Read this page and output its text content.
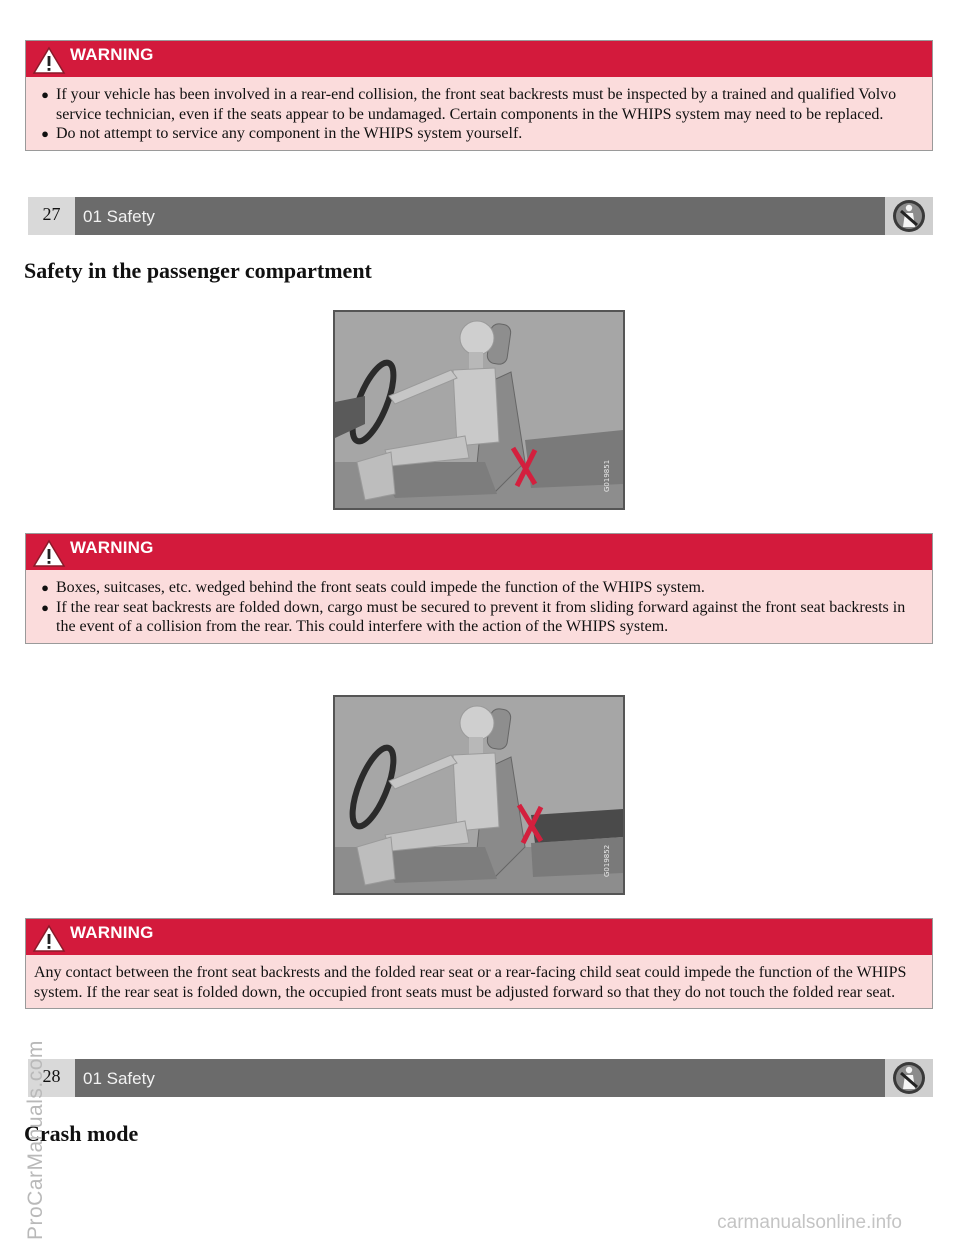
WARNING
● If your vehicle has been involved in a rear-end collision, the front seat backrests must be inspected by a trained and qualified Volvo service technician, even if the seats appear to be undamaged. Certain components in the WHIPS system may need to be replaced.
● Do not attempt to service any component in the WHIPS system yourself.
27	01 Safety
Safety in the passenger compartment
G019851
WARNING
● Boxes, suitcases, etc. wedged behind the front seats could impede the function of the WHIPS system.
● If the rear seat backrests are folded down, cargo must be secured to prevent it from sliding forward against the front seat backrests in the event of a collision from the rear. This could interfere with the action of the WHIPS system.
G019852
WARNING

Any contact between the front seat backrests and the folded rear seat or a rear-facing child seat could impede the function of the WHIPS system. If the rear seat is folded down, the occupied front seats must be adjusted forward so that they do not touch the folded rear seat.

28	01 Safety
Crash mode
ProCarManuals.com	carmanualsonline.info
